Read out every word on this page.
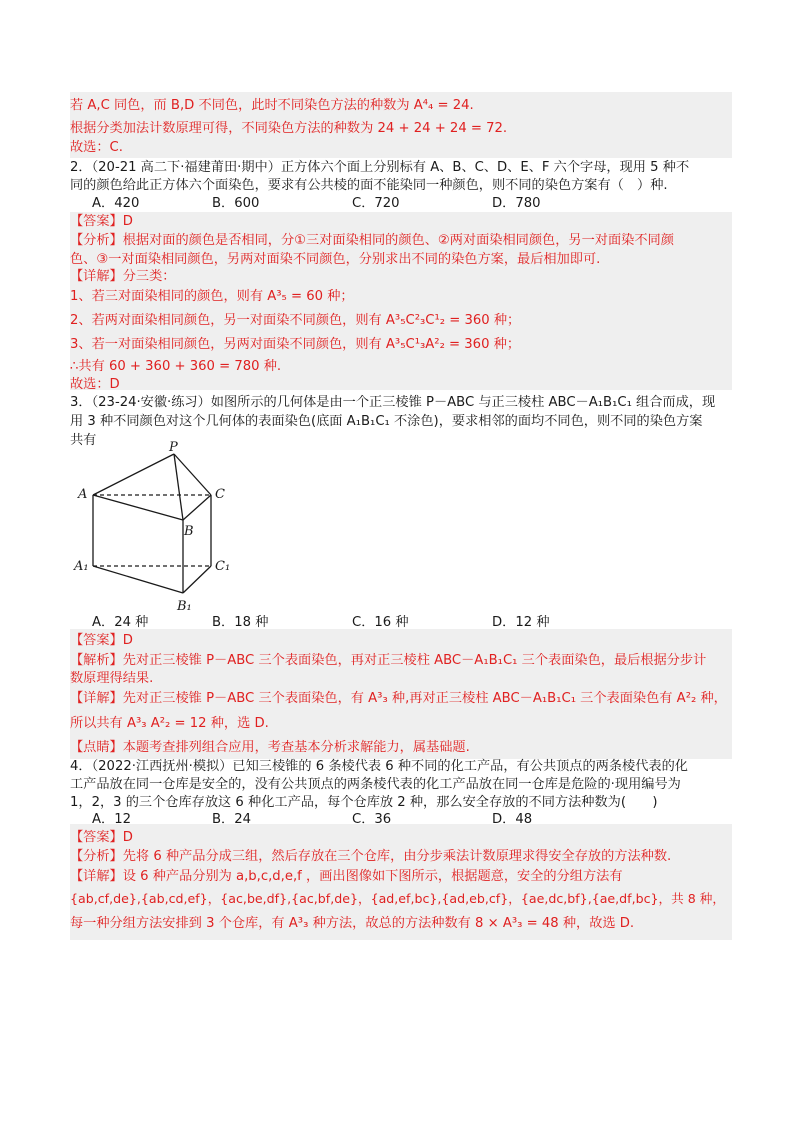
若 A,C 同色，而 B,D 不同色，此时不同染色方法的种数为 A⁴₄ = 24.
根据分类加法计数原理可得，不同染色方法的种数为 24 + 24 + 24 = 72.
故选：C.
2．（20-21 高二下·福建莆田·期中）正方体六个面上分别标有 A、B、C、D、E、F 六个字母，现用 5 种不
同的颜色给此正方体六个面染色，要求有公共棱的面不能染同一种颜色，则不同的染色方案有（　）种.
A．420	B．600	C．720	D．780
【答案】D
【分析】根据对面的颜色是否相同，分①三对面染相同的颜色、②两对面染相同颜色，另一对面染不同颜
色、③一对面染相同颜色，另两对面染不同颜色，分别求出不同的染色方案，最后相加即可.
【详解】分三类：
1、若三对面染相同的颜色，则有 A³₅ = 60 种；
2、若两对面染相同颜色，另一对面染不同颜色，则有 A³₅C²₃C¹₂ = 360 种；
3、若一对面染相同颜色，另两对面染不同颜色，则有 A³₅C¹₃A²₂ = 360 种；
∴共有 60 + 360 + 360 = 780 种.
故选：D
3．（23-24·安徽·练习）如图所示的几何体是由一个正三棱锥 P－ABC 与正三棱柱 ABC－A₁B₁C₁ 组合而成，现
用 3 种不同颜色对这个几何体的表面染色(底面 A₁B₁C₁ 不涂色)，要求相邻的面均不同色，则不同的染色方案
共有	P
A	C
B
A₁	C₁
B₁
A．24 种	B．18 种	C．16 种	D．12 种
【答案】D
【解析】先对正三棱锥 P－ABC 三个表面染色，再对正三棱柱 ABC－A₁B₁C₁ 三个表面染色，最后根据分步计
数原理得结果.
【详解】先对正三棱锥 P－ABC 三个表面染色，有 A³₃ 种,再对正三棱柱 ABC－A₁B₁C₁ 三个表面染色有 A²₂ 种，
所以共有 A³₃ A²₂ = 12 种，选 D.
【点睛】本题考查排列组合应用，考查基本分析求解能力，属基础题.
4．（2022·江西抚州·模拟）已知三棱锥的 6 条棱代表 6 种不同的化工产品，有公共顶点的两条棱代表的化
工产品放在同一仓库是安全的，没有公共顶点的两条棱代表的化工产品放在同一仓库是危险的·现用编号为
1，2，3 的三个仓库存放这 6 种化工产品，每个仓库放 2 种，那么安全存放的不同方法种数为(　　)
A．12	B．24	C．36	D．48
【答案】D
【分析】先将 6 种产品分成三组，然后存放在三个仓库，由分步乘法计数原理求得安全存放的方法种数.
【详解】设 6 种产品分别为 a,b,c,d,e,f ，画出图像如下图所示，根据题意，安全的分组方法有
{ab,cf,de},{ab,cd,ef}，{ac,be,df},{ac,bf,de}，{ad,ef,bc},{ad,eb,cf}，{ae,dc,bf},{ae,df,bc}，共 8 种，
每一种分组方法安排到 3 个仓库，有 A³₃ 种方法，故总的方法种数有 8 × A³₃ = 48 种，故选 D.
